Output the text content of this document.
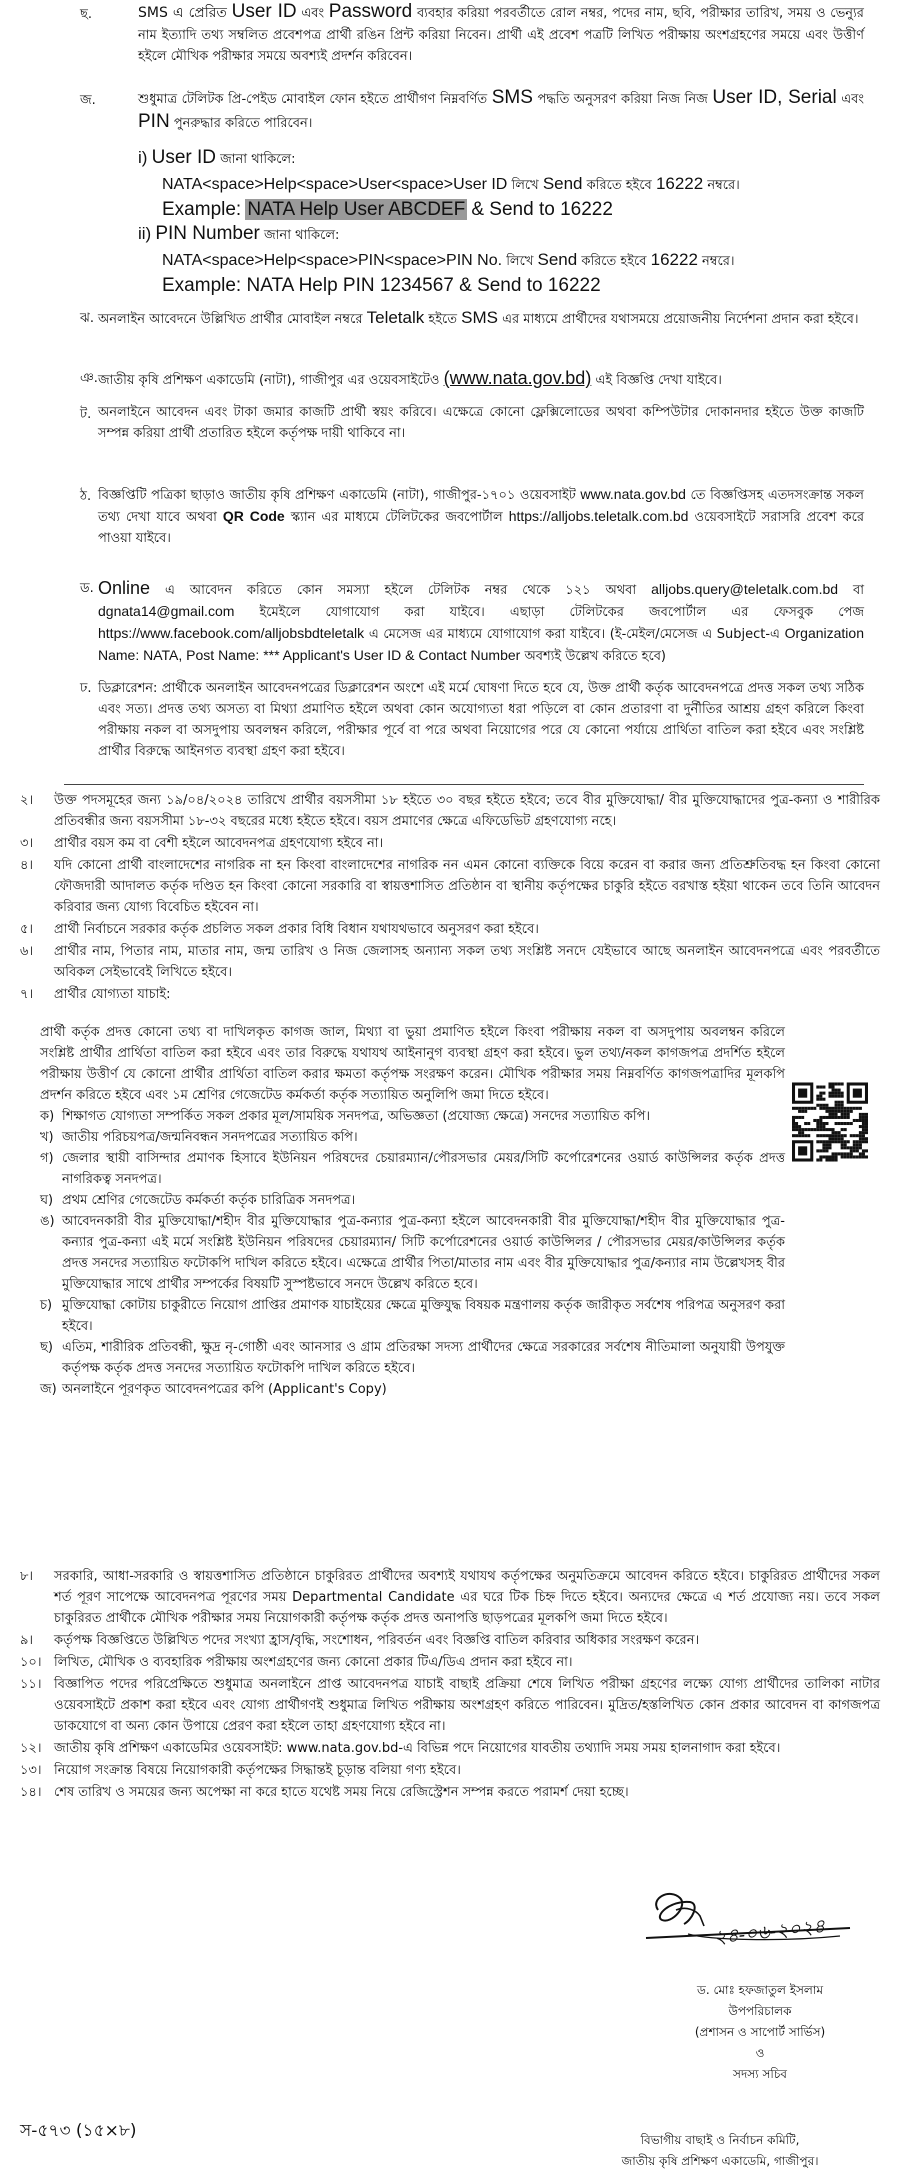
ছ.	SMS এ প্রেরিত User ID এবং Password ব্যবহার করিয়া পরবর্তীতে রোল নম্বর, পদের নাম, ছবি, পরীক্ষার তারিখ, সময় ও ভেন্যুর নাম ইত্যাদি তথ্য সম্বলিত প্রবেশপত্র প্রার্থী রঙিন প্রিন্ট করিয়া নিবেন। প্রার্থী এই প্রবেশ পত্রটি লিখিত পরীক্ষায় অংশগ্রহণের সময়ে এবং উত্তীর্ণ হইলে মৌখিক পরীক্ষার সময়ে অবশ্যই প্রদর্শন করিবেন।
জ.	শুধুমাত্র টেলিটক প্রি-পেইড মোবাইল ফোন হইতে প্রার্থীগণ নিম্নবর্ণিত SMS পদ্ধতি অনুসরণ করিয়া নিজ নিজ User ID, Serial এবং PIN পুনরুদ্ধার করিতে পারিবেন।
i) User ID জানা থাকিলে:
NATA<space>Help<space>User<space>User ID লিখে Send করিতে হইবে 16222 নম্বরে।
Example: NATA Help User ABCDEF & Send to 16222
ii) PIN Number জানা থাকিলে:
NATA<space>Help<space>PIN<space>PIN No. লিখে Send করিতে হইবে 16222 নম্বরে।
Example: NATA Help PIN 1234567 & Send to 16222
ঝ. অনলাইন আবেদনে উল্লিখিত প্রার্থীর মোবাইল নম্বরে Teletalk হইতে SMS এর মাধ্যমে প্রার্থীদের যথাসময়ে প্রয়োজনীয় নির্দেশনা প্রদান করা হইবে।
ঞ. জাতীয় কৃষি প্রশিক্ষণ একাডেমি (নাটা), গাজীপুর এর ওয়েবসাইটেও (www.nata.gov.bd) এই বিজ্ঞপ্তি দেখা যাইবে।
ট. অনলাইনে আবেদন এবং টাকা জমার কাজটি প্রার্থী স্বয়ং করিবে। এক্ষেত্রে কোনো ফ্লেক্সিলোডের অথবা কম্পিউটার দোকানদার হইতে উক্ত কাজটি সম্পন্ন করিয়া প্রার্থী প্রতারিত হইলে কর্তৃপক্ষ দায়ী থাকিবে না।
ঠ. বিজ্ঞপ্তিটি পত্রিকা ছাড়াও জাতীয় কৃষি প্রশিক্ষণ একাডেমি (নাটা), গাজীপুর-১৭০১ ওয়েবসাইট www.nata.gov.bd তে বিজ্ঞপ্তিসহ এতদসংক্রান্ত সকল তথ্য দেখা যাবে অথবা QR Code স্ক্যান এর মাধ্যমে টেলিটকের জবপোর্টাল https://alljobs.teletalk.com.bd ওয়েবসাইটে সরাসরি প্রবেশ করে পাওয়া যাইবে।
ড. Online এ আবেদন করিতে কোন সমস্যা হইলে টেলিটক নম্বর থেকে ১২১ অথবা alljobs.query@teletalk.com.bd বা dgnata14@gmail.com ইমেইলে যোগাযোগ করা যাইবে। এছাড়া টেলিটকের জবপোর্টাল এর ফেসবুক পেজ https://www.facebook.com/alljobsbdteletalk এ মেসেজ এর মাধ্যমে যোগাযোগ করা যাইবে। (ই-মেইল/মেসেজ এ Subject-এ Organization Name: NATA, Post Name: *** Applicant's User ID & Contact Number অবশ্যই উল্লেখ করিতে হবে)
ঢ. ডিক্লারেশন: প্রার্থীকে অনলাইন আবেদনপত্রের ডিক্লারেশন অংশে এই মর্মে ঘোষণা দিতে হবে যে, উক্ত প্রার্থী কর্তৃক আবেদনপত্রে প্রদত্ত সকল তথ্য সঠিক এবং সত্য। প্রদত্ত তথ্য অসত্য বা মিথ্যা প্রমাণিত হইলে অথবা কোন অযোগ্যতা ধরা পড়িলে বা কোন প্রতারণা বা দুর্নীতির আশ্রয় গ্রহণ করিলে কিংবা পরীক্ষায় নকল বা অসদুপায় অবলম্বন করিলে, পরীক্ষার পূর্বে বা পরে অথবা নিয়োগের পরে যে কোনো পর্যায়ে প্রার্থিতা বাতিল করা হইবে এবং সংশ্লিষ্ট প্রার্থীর বিরুদ্ধে আইনগত ব্যবস্থা গ্রহণ করা হইবে।
২। উক্ত পদসমূহের জন্য ১৯/০৪/২০২৪ তারিখে প্রার্থীর বয়সসীমা ১৮ হইতে ৩০ বছর হইতে হইবে; তবে বীর মুক্তিযোদ্ধা/ বীর মুক্তিযোদ্ধাদের পুত্র-কন্যা ও শারীরিক প্রতিবন্ধীর জন্য বয়সসীমা ১৮-৩২ বছরের মধ্যে হইতে হইবে। বয়স প্রমাণের ক্ষেত্রে এফিডেভিট গ্রহণযোগ্য নহে।
৩। প্রার্থীর বয়স কম বা বেশী হইলে আবেদনপত্র গ্রহণযোগ্য হইবে না।
৪। যদি কোনো প্রার্থী বাংলাদেশের নাগরিক না হন কিংবা বাংলাদেশের নাগরিক নন এমন কোনো ব্যক্তিকে বিয়ে করেন বা করার জন্য প্রতিশ্রুতিবদ্ধ হন কিংবা কোনো ফৌজদারী আদালত কর্তৃক দণ্ডিত হন কিংবা কোনো সরকারি বা স্বায়ত্তশাসিত প্রতিষ্ঠান বা স্থানীয় কর্তৃপক্ষের চাকুরি হইতে বরখাস্ত হইয়া থাকেন তবে তিনি আবেদন করিবার জন্য যোগ্য বিবেচিত হইবেন না।
৫। প্রার্থী নির্বাচনে সরকার কর্তৃক প্রচলিত সকল প্রকার বিধি বিধান যথাযথভাবে অনুসরণ করা হইবে।
৬। প্রার্থীর নাম, পিতার নাম, মাতার নাম, জন্ম তারিখ ও নিজ জেলাসহ অন্যান্য সকল তথ্য সংশ্লিষ্ট সনদে যেইভাবে আছে অনলাইন আবেদনপত্রে এবং পরবর্তীতে অবিকল সেইভাবেই লিখিতে হইবে।
৭। প্রার্থীর যোগ্যতা যাচাই:
প্রার্থী কর্তৃক প্রদত্ত কোনো তথ্য বা দাখিলকৃত কাগজ জাল, মিথ্যা বা ভুয়া প্রমাণিত হইলে কিংবা পরীক্ষায় নকল বা অসদুপায় অবলম্বন করিলে সংশ্লিষ্ট প্রার্থীর প্রার্থিতা বাতিল করা হইবে এবং তার বিরুদ্ধে যথাযথ আইনানুগ ব্যবস্থা গ্রহণ করা হইবে। ভুল তথ্য/নকল কাগজপত্র প্রদর্শিত হইলে পরীক্ষায় উত্তীর্ণ যে কোনো প্রার্থীর প্রার্থিতা বাতিল করার ক্ষমতা কর্তৃপক্ষ সংরক্ষণ করেন। মৌখিক পরীক্ষার সময় নিম্নবর্ণিত কাগজপত্রাদির মূলকপি প্রদর্শন করিতে হইবে এবং ১ম শ্রেণির গেজেটেড কর্মকর্তা কর্তৃক সত্যায়িত অনুলিপি জমা দিতে হইবে।
ক) শিক্ষাগত যোগ্যতা সম্পর্কিত সকল প্রকার মূল/সাময়িক সনদপত্র, অভিজ্ঞতা (প্রযোজ্য ক্ষেত্রে) সনদের সত্যায়িত কপি।
খ) জাতীয় পরিচয়পত্র/জন্মনিবন্ধন সনদপত্রের সত্যায়িত কপি।
গ) জেলার স্থায়ী বাসিন্দার প্রমাণক হিসাবে ইউনিয়ন পরিষদের চেয়ারম্যান/পৌরসভার মেয়র/সিটি কর্পোরেশনের ওয়ার্ড কাউন্সিলর কর্তৃক প্রদত্ত নাগরিকত্ব সনদপত্র।
ঘ) প্রথম শ্রেণির গেজেটেড কর্মকর্তা কর্তৃক চারিত্রিক সনদপত্র।
ঙ) আবেদনকারী বীর মুক্তিযোদ্ধা/শহীদ বীর মুক্তিযোদ্ধার পুত্র-কন্যার পুত্র-কন্যা হইলে আবেদনকারী বীর মুক্তিযোদ্ধা/শহীদ বীর মুক্তিযোদ্ধার পুত্র-কন্যার পুত্র-কন্যা এই মর্মে সংশ্লিষ্ট ইউনিয়ন পরিষদের চেয়ারম্যান/ সিটি কর্পোরেশনের ওয়ার্ড কাউন্সিলর / পৌরসভার মেয়র/কাউন্সিলর কর্তৃক প্রদত্ত সনদের সত্যায়িত ফটোকপি দাখিল করিতে হইবে। এক্ষেত্রে প্রার্থীর পিতা/মাতার নাম এবং বীর মুক্তিযোদ্ধার পুত্র/কন্যার নাম উল্লেখসহ বীর মুক্তিযোদ্ধার সাথে প্রার্থীর সম্পর্কের বিষয়টি সুস্পষ্টভাবে সনদে উল্লেখ করিতে হবে।
চ) মুক্তিযোদ্ধা কোটায় চাকুরীতে নিয়োগ প্রাপ্তির প্রমাণক যাচাইয়ের ক্ষেত্রে মুক্তিযুদ্ধ বিষয়ক মন্ত্রণালয় কর্তৃক জারীকৃত সর্বশেষ পরিপত্র অনুসরণ করা হইবে।
ছ) এতিম, শারীরিক প্রতিবন্ধী, ক্ষুদ্র নৃ-গোষ্ঠী এবং আনসার ও গ্রাম প্রতিরক্ষা সদস্য প্রার্থীদের ক্ষেত্রে সরকারের সর্বশেষ নীতিমালা অনুযায়ী উপযুক্ত কর্তৃপক্ষ কর্তৃক প্রদত্ত সনদের সত্যায়িত ফটোকপি দাখিল করিতে হইবে।
জ) অনলাইনে পূরণকৃত আবেদনপত্রের কপি (Applicant's Copy)
৮। সরকারি, আধা-সরকারি ও স্বায়ত্তশাসিত প্রতিষ্ঠানে চাকুরিরত প্রার্থীদের অবশ্যই যথাযথ কর্তৃপক্ষের অনুমতিক্রমে আবেদন করিতে হইবে। চাকুরিরত প্রার্থীদের সকল শর্ত পূরণ সাপেক্ষে আবেদনপত্র পূরণের সময় Departmental Candidate এর ঘরে টিক চিহ্ন দিতে হইবে। অন্যদের ক্ষেত্রে এ শর্ত প্রযোজ্য নয়। তবে সকল চাকুরিরত প্রার্থীকে মৌখিক পরীক্ষার সময় নিয়োগকারী কর্তৃপক্ষ কর্তৃক প্রদত্ত অনাপত্তি ছাড়পত্রের মূলকপি জমা দিতে হইবে।
৯। কর্তৃপক্ষ বিজ্ঞপ্তিতে উল্লিখিত পদের সংখ্যা হ্রাস/বৃদ্ধি, সংশোধন, পরিবর্তন এবং বিজ্ঞপ্তি বাতিল করিবার অধিকার সংরক্ষণ করেন।
১০। লিখিত, মৌখিক ও ব্যবহারিক পরীক্ষায় অংশগ্রহণের জন্য কোনো প্রকার টিএ/ডিএ প্রদান করা হইবে না।
১১। বিজ্ঞাপিত পদের পরিপ্রেক্ষিতে শুধুমাত্র অনলাইনে প্রাপ্ত আবেদনপত্র যাচাই বাছাই প্রক্রিয়া শেষে লিখিত পরীক্ষা গ্রহণের লক্ষ্যে যোগ্য প্রার্থীদের তালিকা নাটার ওয়েবসাইটে প্রকাশ করা হইবে এবং যোগ্য প্রার্থীগণই শুধুমাত্র লিখিত পরীক্ষায় অংশগ্রহণ করিতে পারিবেন। মুদ্রিত/হস্তলিখিত কোন প্রকার আবেদন বা কাগজপত্র ডাকযোগে বা অন্য কোন উপায়ে প্রেরণ করা হইলে তাহা গ্রহণযোগ্য হইবে না।
১২। জাতীয় কৃষি প্রশিক্ষণ একাডেমির ওয়েবসাইট: www.nata.gov.bd-এ বিভিন্ন পদে নিয়োগের যাবতীয় তথ্যাদি সময় সময় হালনাগাদ করা হইবে।
১৩। নিয়োগ সংক্রান্ত বিষয়ে নিয়োগকারী কর্তৃপক্ষের সিদ্ধান্তই চূড়ান্ত বলিয়া গণ্য হইবে।
১৪। শেষ তারিখ ও সময়ের জন্য অপেক্ষা না করে হাতে যথেষ্ট সময় নিয়ে রেজিস্ট্রেশন সম্পন্ন করতে পরামর্শ দেয়া হচ্ছে।
২৪-০৬-২০২৪
ড. মোঃ হফজাতুল ইসলাম
উপপরিচালক
(প্রশাসন ও সাপোর্ট সার্ভিস)
ও
সদস্য সচিব
বিভাগীয় বাছাই ও নির্বাচন কমিটি,
জাতীয় কৃষি প্রশিক্ষণ একাডেমি, গাজীপুর।
স-৫৭৩ (১৫×৮)
